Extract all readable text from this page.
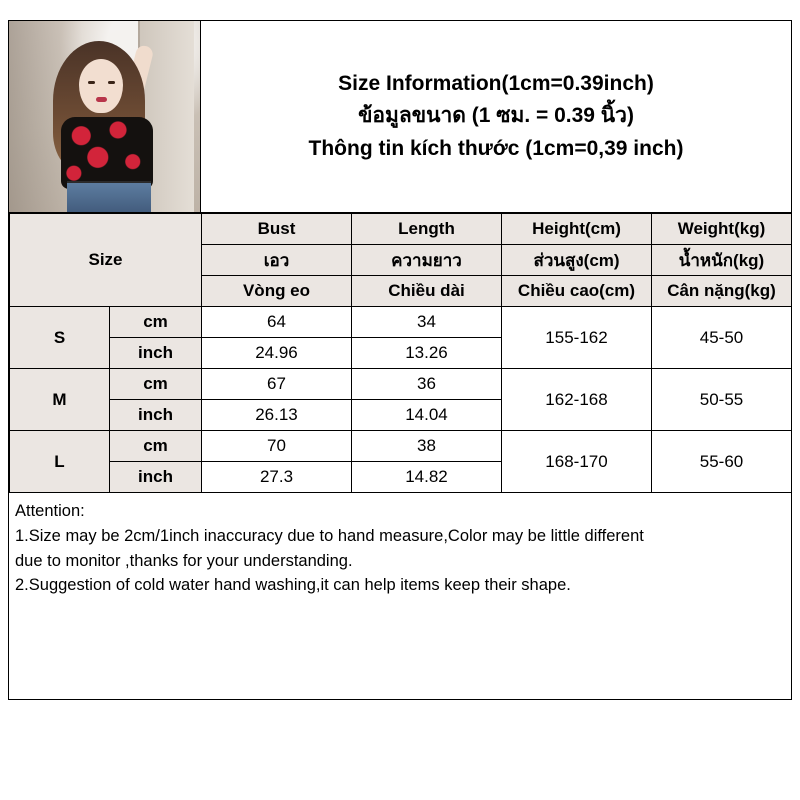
Size Information(1cm=0.39inch)
ข้อมูลขนาด (1 ซม. = 0.39 นิ้ว)
Thông tin kích thước (1cm=0,39 inch)
Size		Bust	Length	Height(cm)	Weight(kg)
		เอว	ความยาว	ส่วนสูง(cm)	น้ำหนัก(kg)
		Vòng eo	Chiều dài	Chiều cao(cm)	Cân nặng(kg)
S	cm	64	34	155-162	45-50
	inch	24.96	13.26		
M	cm	67	36	162-168	50-55
	inch	26.13	14.04		
L	cm	70	38	168-170	55-60
	inch	27.3	14.82		
Attention:
1.Size may be 2cm/1inch inaccuracy due to hand measure,Color may be little different
due to monitor ,thanks for your understanding.
2.Suggestion of cold water hand washing,it can help items keep their shape.
